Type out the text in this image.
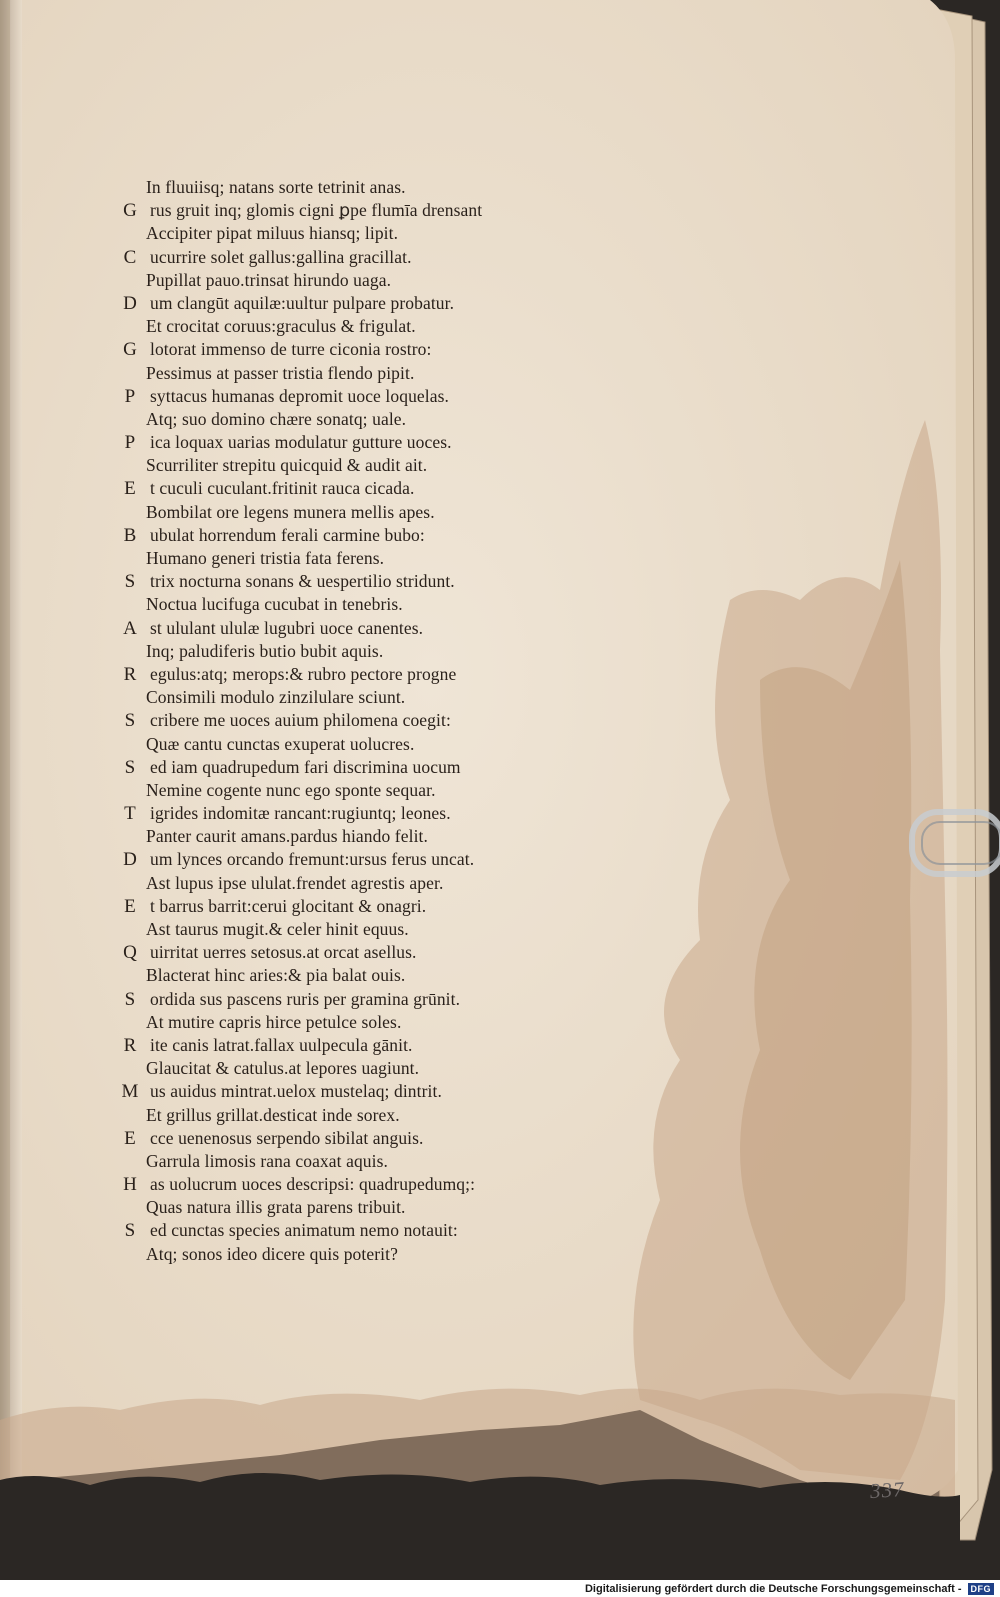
In fluuiisq; natans sorte tetrinit anas.
G rus gruit inq; glomis cigni ꝑpe flumīa drensant
Accipiter pipat miluus hiansq; lipit.
C ucurrire solet gallus:gallina gracillat.
Pupillat pauo.trinsat hirundo uaga.
D um clangūt aquilæ:uultur pulpare probatur.
Et crocitat coruus:graculus & frigulat.
G lotorat immenso de turre ciconia rostro:
Pessimus at passer tristia flendo pipit.
P syttacus humanas depromit uoce loquelas.
Atq; suo domino chære sonatq; uale.
P ica loquax uarias modulatur gutture uoces.
Scurriliter strepitu quicquid & audit ait.
E t cuculi cuculant.fritinit rauca cicada.
Bombilat ore legens munera mellis apes.
B ubulat horrendum ferali carmine bubo:
Humano generi tristia fata ferens.
S trix nocturna sonans & uespertilio stridunt.
Noctua lucifuga cucubat in tenebris.
A st ululant ululæ lugubri uoce canentes.
Inq; paludiferis butio bubit aquis.
R egulus:atq; merops:& rubro pectore progne
Consimili modulo zinzilulare sciunt.
S cribere me uoces auium philomena coegit:
Quæ cantu cunctas exuperat uolucres.
S ed iam quadrupedum fari discrimina uocum
Nemine cogente nunc ego sponte sequar.
T igrides indomitæ rancant:rugiuntq; leones.
Panter caurit amans.pardus hiando felit.
D um lynces orcando fremunt:ursus ferus uncat.
Ast lupus ipse ululat.frendet agrestis aper.
E t barrus barrit:cerui glocitant & onagri.
Ast taurus mugit.& celer hinit equus.
Q uirritat uerres setosus.at orcat asellus.
Blacterat hinc aries:& pia balat ouis.
S ordida sus pascens ruris per gramina grūnit.
At mutire capris hirce petulce soles.
R ite canis latrat.fallax uulpecula gānit.
Glaucitat & catulus.at lepores uagiunt.
M us auidus mintrat.uelox mustelaq; dintrit.
Et grillus grillat.desticat inde sorex.
E cce uenenosus serpendo sibilat anguis.
Garrula limosis rana coaxat aquis.
H as uolucrum uoces descripsi: quadrupedumq;:
Quas natura illis grata parens tribuit.
S ed cunctas species animatum nemo notauit:
Atq; sonos ideo dicere quis poterit?
337
Digitalisierung gefördert durch die Deutsche Forschungsgemeinschaft -	DFG
